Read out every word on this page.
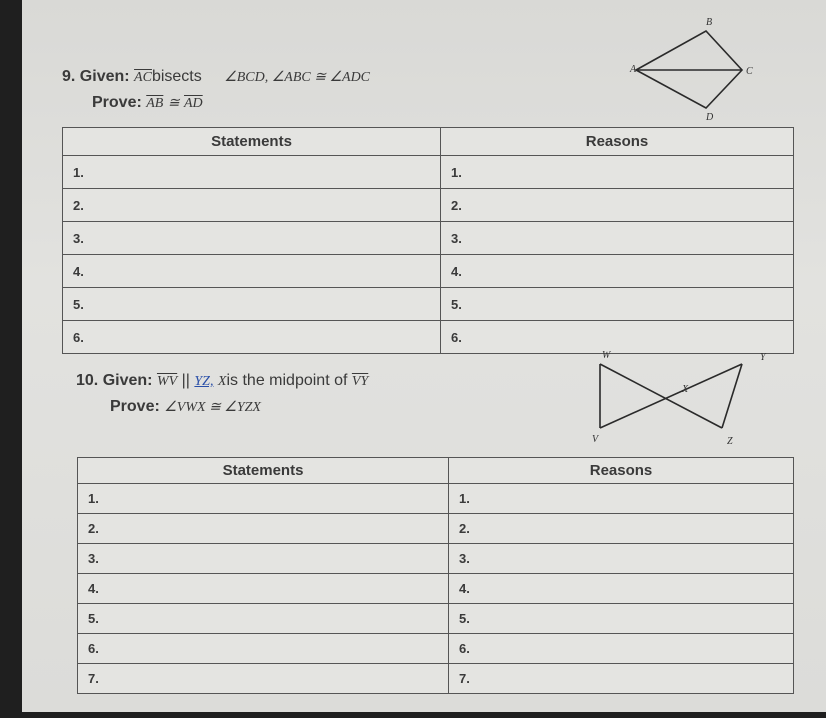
9. Given: $\overline{AC}bisects$ ∠BCD, ∠ABC ≅ ∠ADC
Prove: $\overline{AB}$ ≅ $\overline{AD}$
A
B
C
D
Statements	Reasons
1.	1.
2.	2.
3.	3.
4.	4.
5.	5.
6.	6.
10. Given: $\overline{WV}$ || YZ, Xis the midpoint of $\overline{VY}$
Prove: ∠VWX ≅ ∠YZX
W	Y
X
V	Z
Statements	Reasons
1.	1.
2.	2.
3.	3.
4.	4.
5.	5.
6.	6.
7.	7.
